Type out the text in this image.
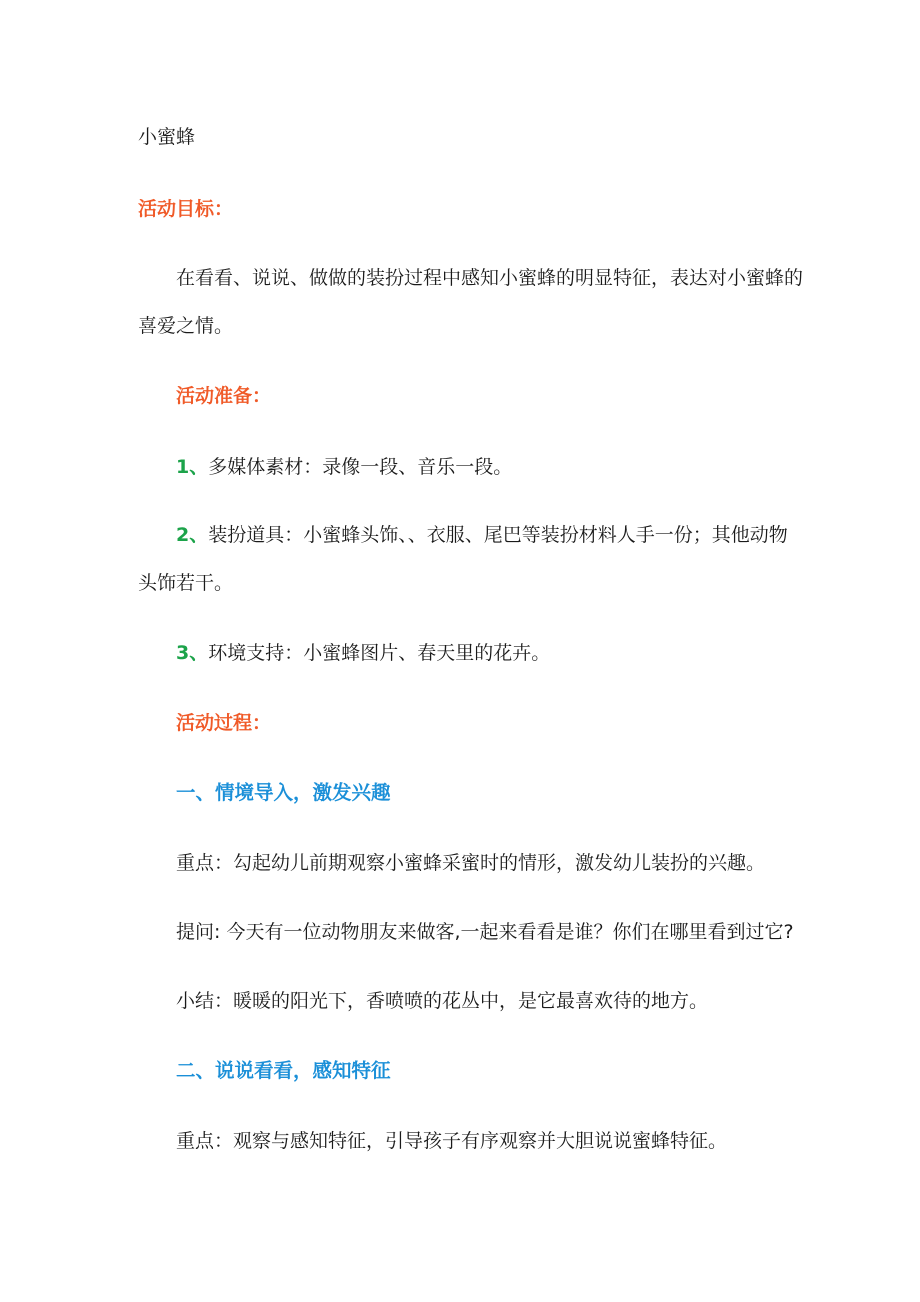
小蜜蜂

活动目标：

在看看、说说、做做的装扮过程中感知小蜜蜂的明显特征，表达对小蜜蜂的

喜爱之情。

活动准备：

1、多媒体素材：录像一段、音乐一段。

2、装扮道具：小蜜蜂头饰、、衣服、尾巴等装扮材料人手一份；其他动物

头饰若干。

3、环境支持：小蜜蜂图片、春天里的花卉。

活动过程：

一、情境导入，激发兴趣

重点：勾起幼儿前期观察小蜜蜂采蜜时的情形，激发幼儿装扮的兴趣。

提问: 今天有一位动物朋友来做客,一起来看看是谁？你们在哪里看到过它?

小结：暖暖的阳光下，香喷喷的花丛中，是它最喜欢待的地方。

二、说说看看，感知特征

重点：观察与感知特征，引导孩子有序观察并大胆说说蜜蜂特征。
